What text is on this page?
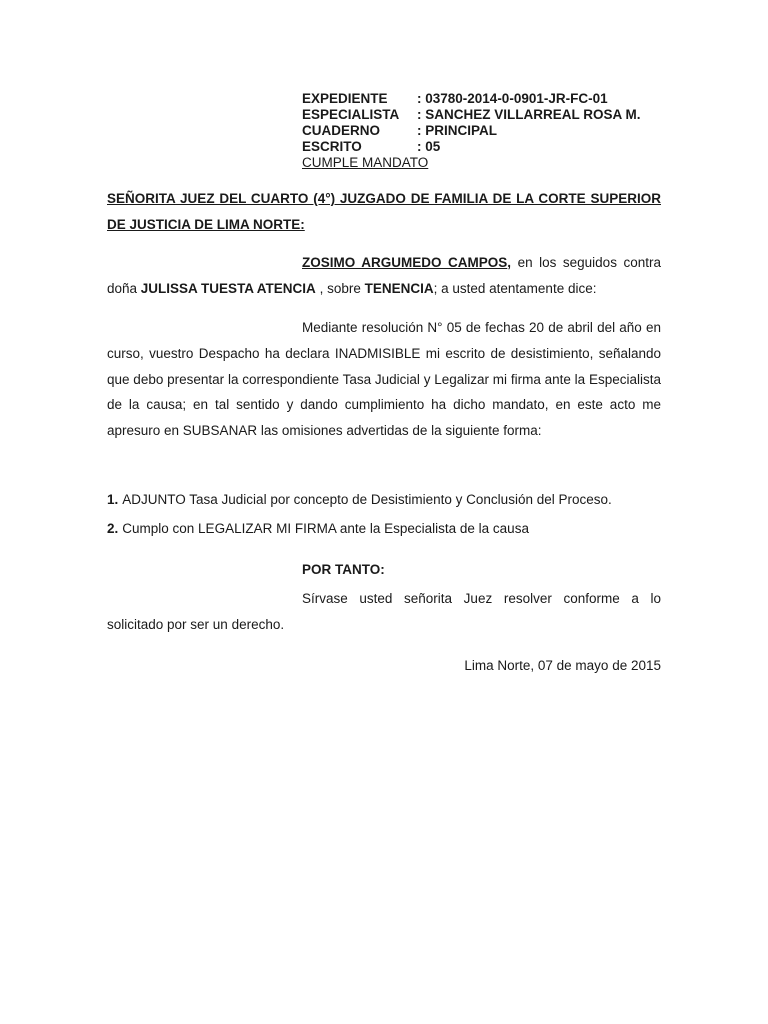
EXPEDIENTE	: 03780-2014-0-0901-JR-FC-01
ESPECIALISTA	: SANCHEZ VILLARREAL ROSA M.
CUADERNO	: PRINCIPAL
ESCRITO	: 05
CUMPLE MANDATO
SEÑORITA JUEZ DEL CUARTO (4°) JUZGADO DE FAMILIA DE LA CORTE SUPERIOR DE JUSTICIA DE LIMA NORTE:
ZOSIMO ARGUMEDO CAMPOS, en los seguidos contra doña JULISSA TUESTA ATENCIA , sobre TENENCIA; a usted atentamente dice:
Mediante resolución N° 05 de fechas 20 de abril del año en curso, vuestro Despacho ha declara INADMISIBLE mi escrito de desistimiento, señalando que debo presentar la correspondiente Tasa Judicial y Legalizar mi firma ante la Especialista de la causa; en tal sentido y dando cumplimiento ha dicho mandato, en este acto me apresuro en SUBSANAR las omisiones advertidas de la siguiente forma:
1. ADJUNTO Tasa Judicial por concepto de Desistimiento y Conclusión del Proceso.
2. Cumplo con LEGALIZAR MI FIRMA ante la Especialista de la causa
POR TANTO:
Sírvase usted señorita Juez resolver conforme a lo solicitado por ser un derecho.
Lima Norte, 07 de mayo de 2015
